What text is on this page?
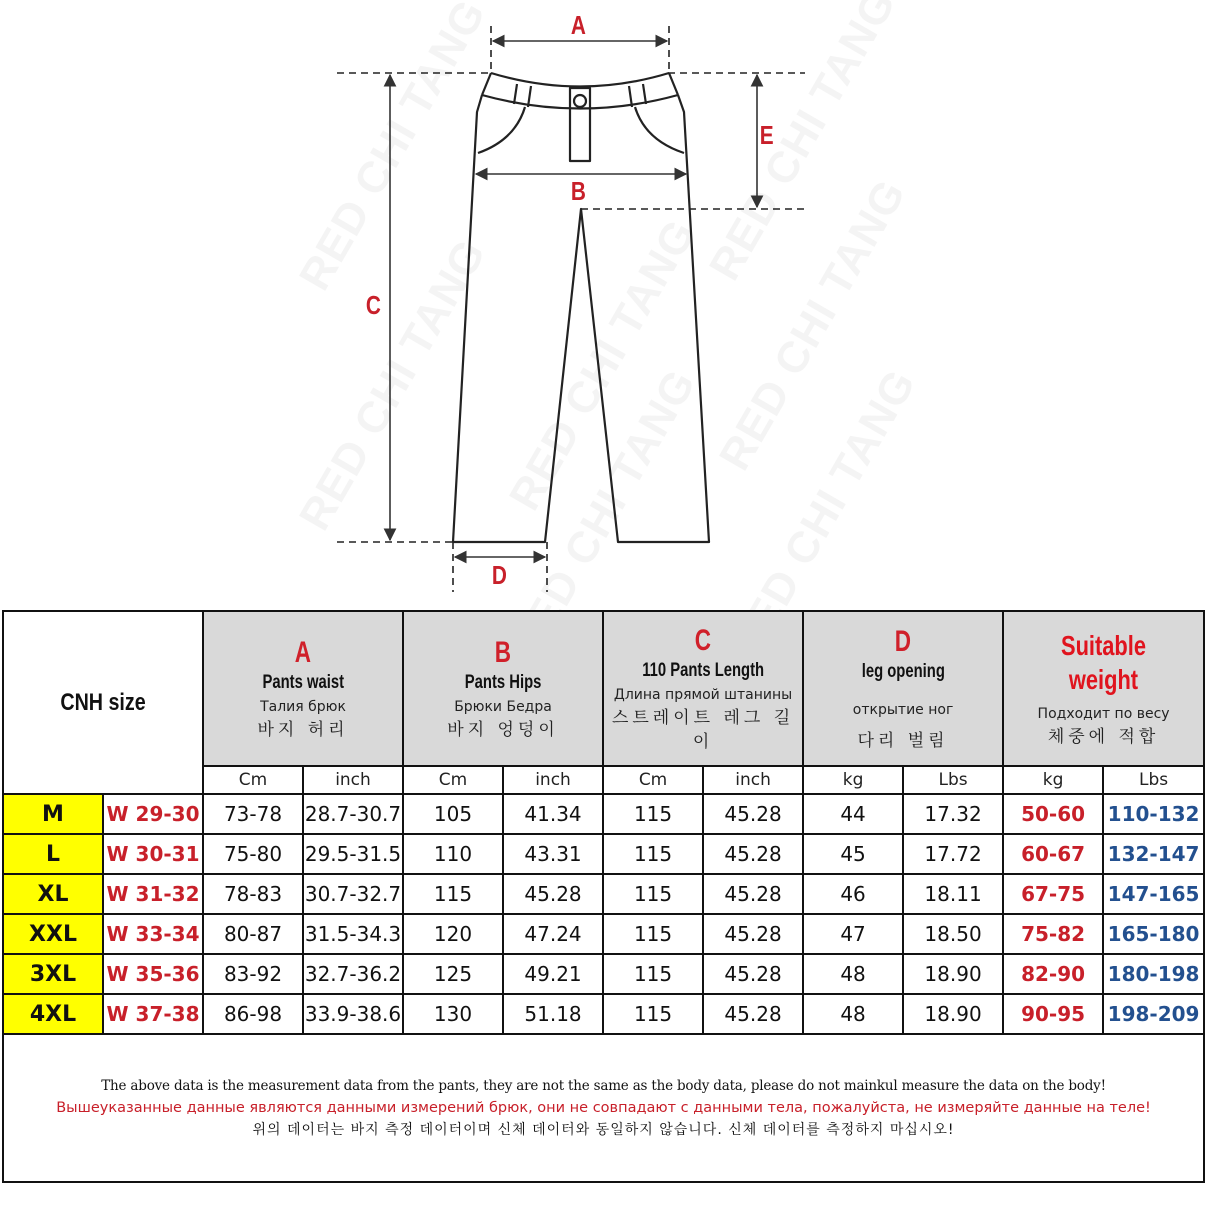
A
B
C
D
E
CNH size	A
Pants waist
Талия брюк
바지 허리
	B
Pants Hips
Брюки Бедра
바지 엉덩이
	C
110 Pants Length
Длина прямой штанины
스트레이트 레그 길이
	D
leg opening
открытие ног
다리 벌림
	Suitable weight
Подходит по весу
체중에 적합

		Cm	inch	Cm	inch	Cm	inch	kg	Lbs	kg	Lbs
M	W 29-30	73-78	28.7-30.7	105	41.34	115	45.28	44	17.32	50-60	110-132
L	W 30-31	75-80	29.5-31.5	110	43.31	115	45.28	45	17.72	60-67	132-147
XL	W 31-32	78-83	30.7-32.7	115	45.28	115	45.28	46	18.11	67-75	147-165
XXL	W 33-34	80-87	31.5-34.3	120	47.24	115	45.28	47	18.50	75-82	165-180
3XL	W 35-36	83-92	32.7-36.2	125	49.21	115	45.28	48	18.90	82-90	180-198
4XL	W 37-38	86-98	33.9-38.6	130	51.18	115	45.28	48	18.90	90-95	198-209

The above data is the measurement data from the pants, they are not the same as the body data, please do not mainkul measure the data on the body!
Вышеуказанные данные являются данными измерений брюк, они не совпадают с данными тела, пожалуйста, не измеряйте данные на теле!
위의 데이터는 바지 측정 데이터이며 신체 데이터와 동일하지 않습니다. 신체 데이터를 측정하지 마십시오!											
